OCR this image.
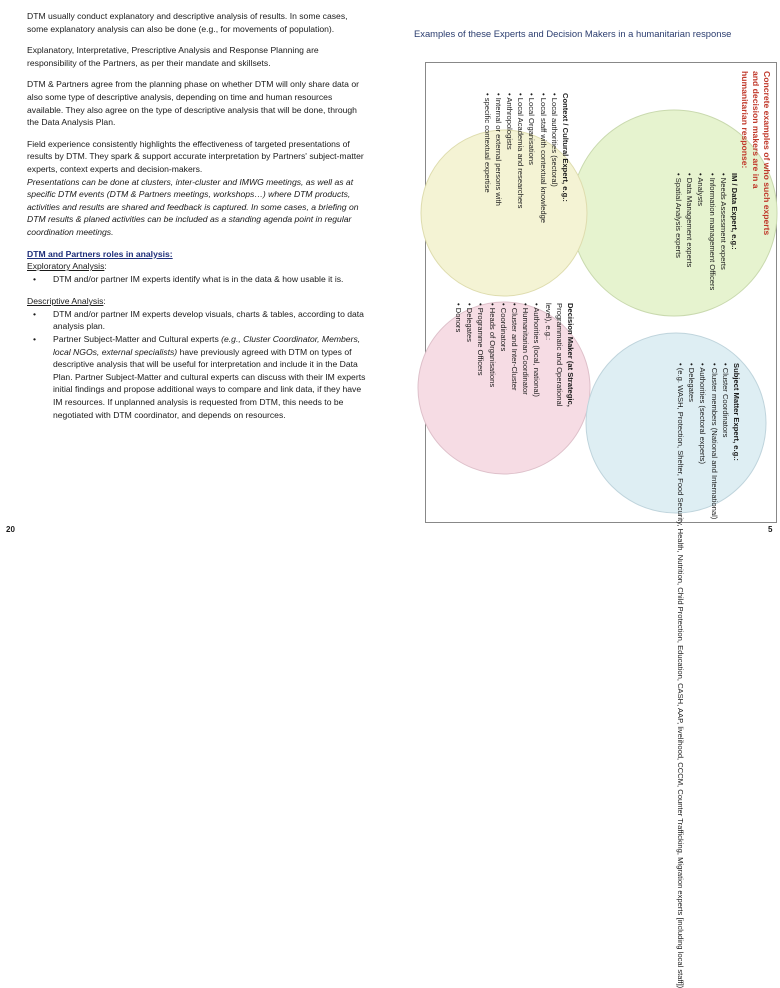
DTM usually conduct explanatory and descriptive analysis of results. In some cases, some explanatory analysis can also be done (e.g., for movements of population).

Explanatory, Interpretative, Prescriptive Analysis and Response Planning are responsibility of the Partners, as per their mandate and skillsets.

DTM & Partners agree from the planning phase on whether DTM will only share data or also some type of descriptive analysis, depending on time and human resources available. They also agree on the type of descriptive analysis that will be done, through the Data Analysis Plan.

Field experience consistently highlights the effectiveness of targeted presentations of results by DTM. They spark & support accurate interpretation by Partners' subject-matter experts, context experts and decision-makers.

Presentations can be done at clusters, inter-cluster and IMWG meetings, as well as at specific DTM events (DTM & Partners meetings, workshops…) where DTM products, activities and results are shared and feedback is captured. In some cases, a briefing on DTM results & planed activities can be included as a standing agenda point in regular coordination meetings.

DTM and Partners roles in analysis:
Exploratory Analysis:
• DTM and/or partner IM experts identify what is in the data & how usable it is.
Descriptive Analysis:
• DTM and/or partner IM experts develop visuals, charts & tables, according to data analysis plan.
• Partner Subject-Matter and Cultural experts (e.g., Cluster Coordinator, Members, local NGOs, external specialists) have previously agreed with DTM on types of descriptive analysis that will be useful for interpretation and include it in the Data Plan. Partner Subject-Matter and cultural experts can discuss with their IM experts initial findings and propose additional ways to compare and link data, if they have IM resources. If unplanned analysis is requested from DTM, this needs to be negotiated with DTM coordinator, and depends on resources.
20	5
Examples of these Experts and Decision Makers in a humanitarian response
Concrete examples of who such experts
and decision makers are in a
humanitarian response:
IM / Data Expert, e.g.:
• Needs Assessment experts
• Information management Officers
• Analysts
• Data Management experts
• Spatial Analysis experts
Context / Cultural Expert, e.g.:
• Local authorities (sectoral)
• Local staff with contextual knowledge
• Local Organisations
• Local Academia and researchers
• Anthropologists
• Internal or external persons with
• specific contextual expertise
Decision Maker (at Strategic,
Programmatic and Operational
level), e.g.:
• Authorities (local, national)
• Humanitarian Coordinator
• Cluster and Inter-Cluster
• Coordinators
• Heads of Organisations
• Programme Officers
• Delegates
• Donors
Subject Matter Expert, e.g.:
• Cluster Coordinators
• Cluster members (National and International)
• Authorities (sectoral experts)
• Delegates
• (e.g. WASH, Protection, Shelter, Food Security, Health, Nutrition, Child Protection, Education, CASH, AAP, livelihood, CCCM, Counter Trafficking, Migration experts [including local staff])
